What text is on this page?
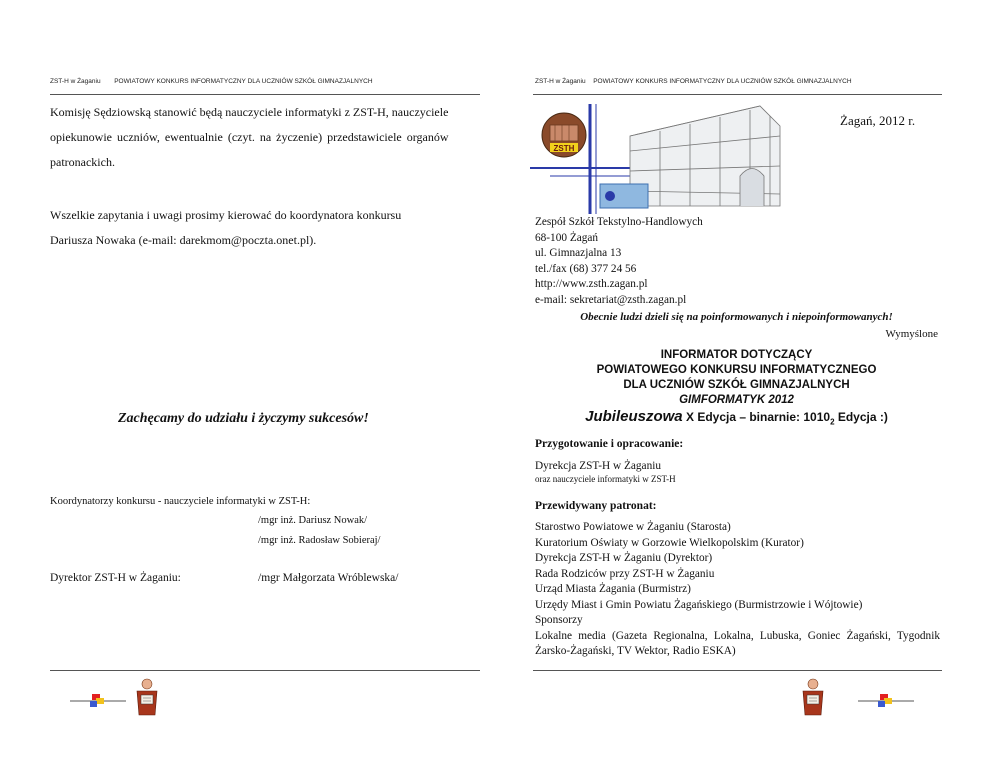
ZST-H w Żaganiu POWIATOWY KONKURS INFORMATYCZNY DLA UCZNIÓW SZKÓŁ GIMNAZJALNYCH	ZST-H w Żaganiu POWIATOWY KONKURS INFORMATYCZNY DLA UCZNIÓW SZKÓŁ GIMNAZJALNYCH
Komisję Sędziowską stanowić będą nauczyciele informatyki z ZST-H, nauczyciele
opiekunowie uczniów, ewentualnie (czyt. na życzenie) przedstawiciele organów
patronackich.
Wszelkie zapytania i uwagi prosimy kierować do koordynatora konkursu
Dariusza Nowaka (e-mail: darekmom@poczta.onet.pl).
Zachęcamy do udziału i życzymy sukcesów!
Koordynatorzy konkursu - nauczyciele informatyki w ZST-H:
/mgr inż. Dariusz Nowak/
/mgr inż. Radosław Sobieraj/
Dyrektor ZST-H w Żaganiu:	/mgr Małgorzata Wróblewska/
ZSTH
Żagań, 2012 r.
Zespół Szkół Tekstylno-Handlowych
68-100 Żagań
ul. Gimnazjalna 13
tel./fax (68) 377 24 56
http://www.zsth.zagan.pl
e-mail: sekretariat@zsth.zagan.pl
Obecnie ludzi dzieli się na poinformowanych i niepoinformowanych!
Wymyślone
INFORMATOR DOTYCZĄCY
POWIATOWEGO KONKURSU INFORMATYCZNEGO
DLA UCZNIÓW SZKÓŁ GIMNAZJALNYCH
GIMFORMATYK 2012
Jubileuszowa X Edycja – binarnie: $1010_2$ Edycja :)
Przygotowanie i opracowanie:
Dyrekcja ZST-H w Żaganiu
oraz nauczyciele informatyki w ZST-H
Przewidywany patronat:
Starostwo Powiatowe w Żaganiu (Starosta)
Kuratorium Oświaty w Gorzowie Wielkopolskim (Kurator)
Dyrekcja ZST-H w Żaganiu (Dyrektor)
Rada Rodziców przy ZST-H w Żaganiu
Urząd Miasta Żagania (Burmistrz)
Urzędy Miast i Gmin Powiatu Żagańskiego (Burmistrzowie i Wójtowie)
Sponsorzy
Lokalne media (Gazeta Regionalna, Lokalna, Lubuska, Goniec Żagański, Tygodnik
Żarsko-Żagański, TV Wektor, Radio ESKA)
